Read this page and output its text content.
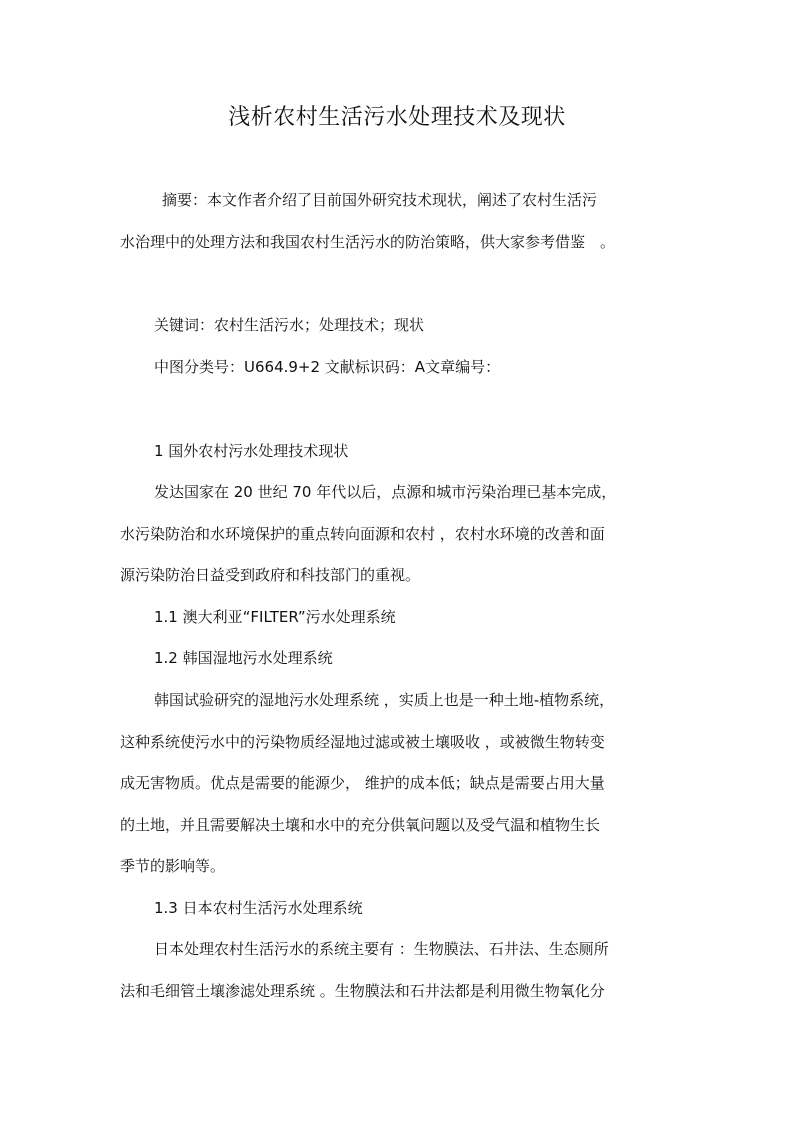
浅析农村生活污水处理技术及现状
摘要：本文作者介绍了目前国外研究技术现状，阐述了农村生活污
水治理中的处理方法和我国农村生活污水的防治策略，供大家参考借鉴　。
关键词：农村生活污水；处理技术；现状
中图分类号：U664.9+2 文献标识码：A文章编号：
1 国外农村污水处理技术现状
发达国家在 20 世纪 70 年代以后，点源和城市污染治理已基本完成，
水污染防治和水环境保护的重点转向面源和农村 ，农村水环境的改善和面
源污染防治日益受到政府和科技部门的重视。
1.1 澳大利亚“FILTER”污水处理系统
1.2 韩国湿地污水处理系统
韩国试验研究的湿地污水处理系统 ，实质上也是一种土地-植物系统，
这种系统使污水中的污染物质经湿地过滤或被土壤吸收 ，或被微生物转变
成无害物质。优点是需要的能源少， 维护的成本低；缺点是需要占用大量
的土地，并且需要解决土壤和水中的充分供氧问题以及受气温和植物生长
季节的影响等。
1.3 日本农村生活污水处理系统
日本处理农村生活污水的系统主要有 ：生物膜法、石井法、生态厕所
法和毛细管土壤渗滤处理系统 。生物膜法和石井法都是利用微生物氧化分
